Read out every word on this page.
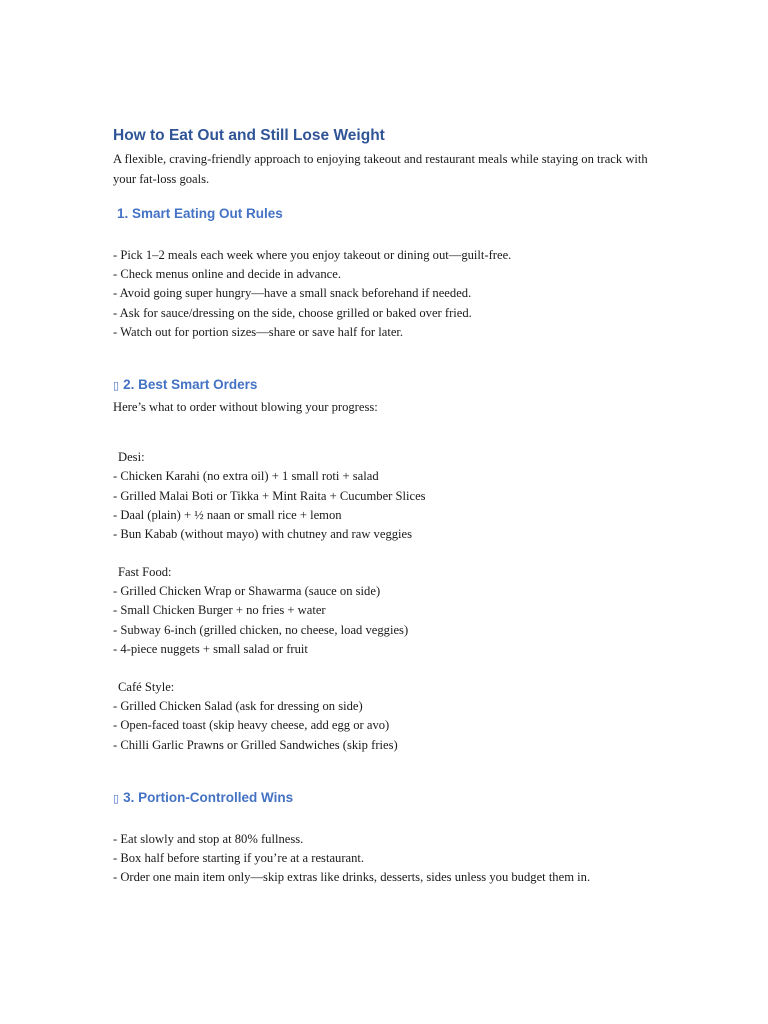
How to Eat Out and Still Lose Weight

A flexible, craving-friendly approach to enjoying takeout and restaurant meals while staying on track with your fat-loss goals.

1. Smart Eating Out Rules
- Pick 1–2 meals each week where you enjoy takeout or dining out—guilt-free.
- Check menus online and decide in advance.
- Avoid going super hungry—have a small snack beforehand if needed.
- Ask for sauce/dressing on the side, choose grilled or baked over fried.
- Watch out for portion sizes—share or save half for later.
▯ 2. Best Smart Orders
Here’s what to order without blowing your progress:
Desi:
- Chicken Karahi (no extra oil) + 1 small roti + salad
- Grilled Malai Boti or Tikka + Mint Raita + Cucumber Slices
- Daal (plain) + ½ naan or small rice + lemon
- Bun Kabab (without mayo) with chutney and raw veggies
Fast Food:
- Grilled Chicken Wrap or Shawarma (sauce on side)
- Small Chicken Burger + no fries + water
- Subway 6-inch (grilled chicken, no cheese, load veggies)
- 4-piece nuggets + small salad or fruit
Café Style:
- Grilled Chicken Salad (ask for dressing on side)
- Open-faced toast (skip heavy cheese, add egg or avo)
- Chilli Garlic Prawns or Grilled Sandwiches (skip fries)
▯ 3. Portion-Controlled Wins
- Eat slowly and stop at 80% fullness.
- Box half before starting if you’re at a restaurant.
- Order one main item only—skip extras like drinks, desserts, sides unless you budget them in.
